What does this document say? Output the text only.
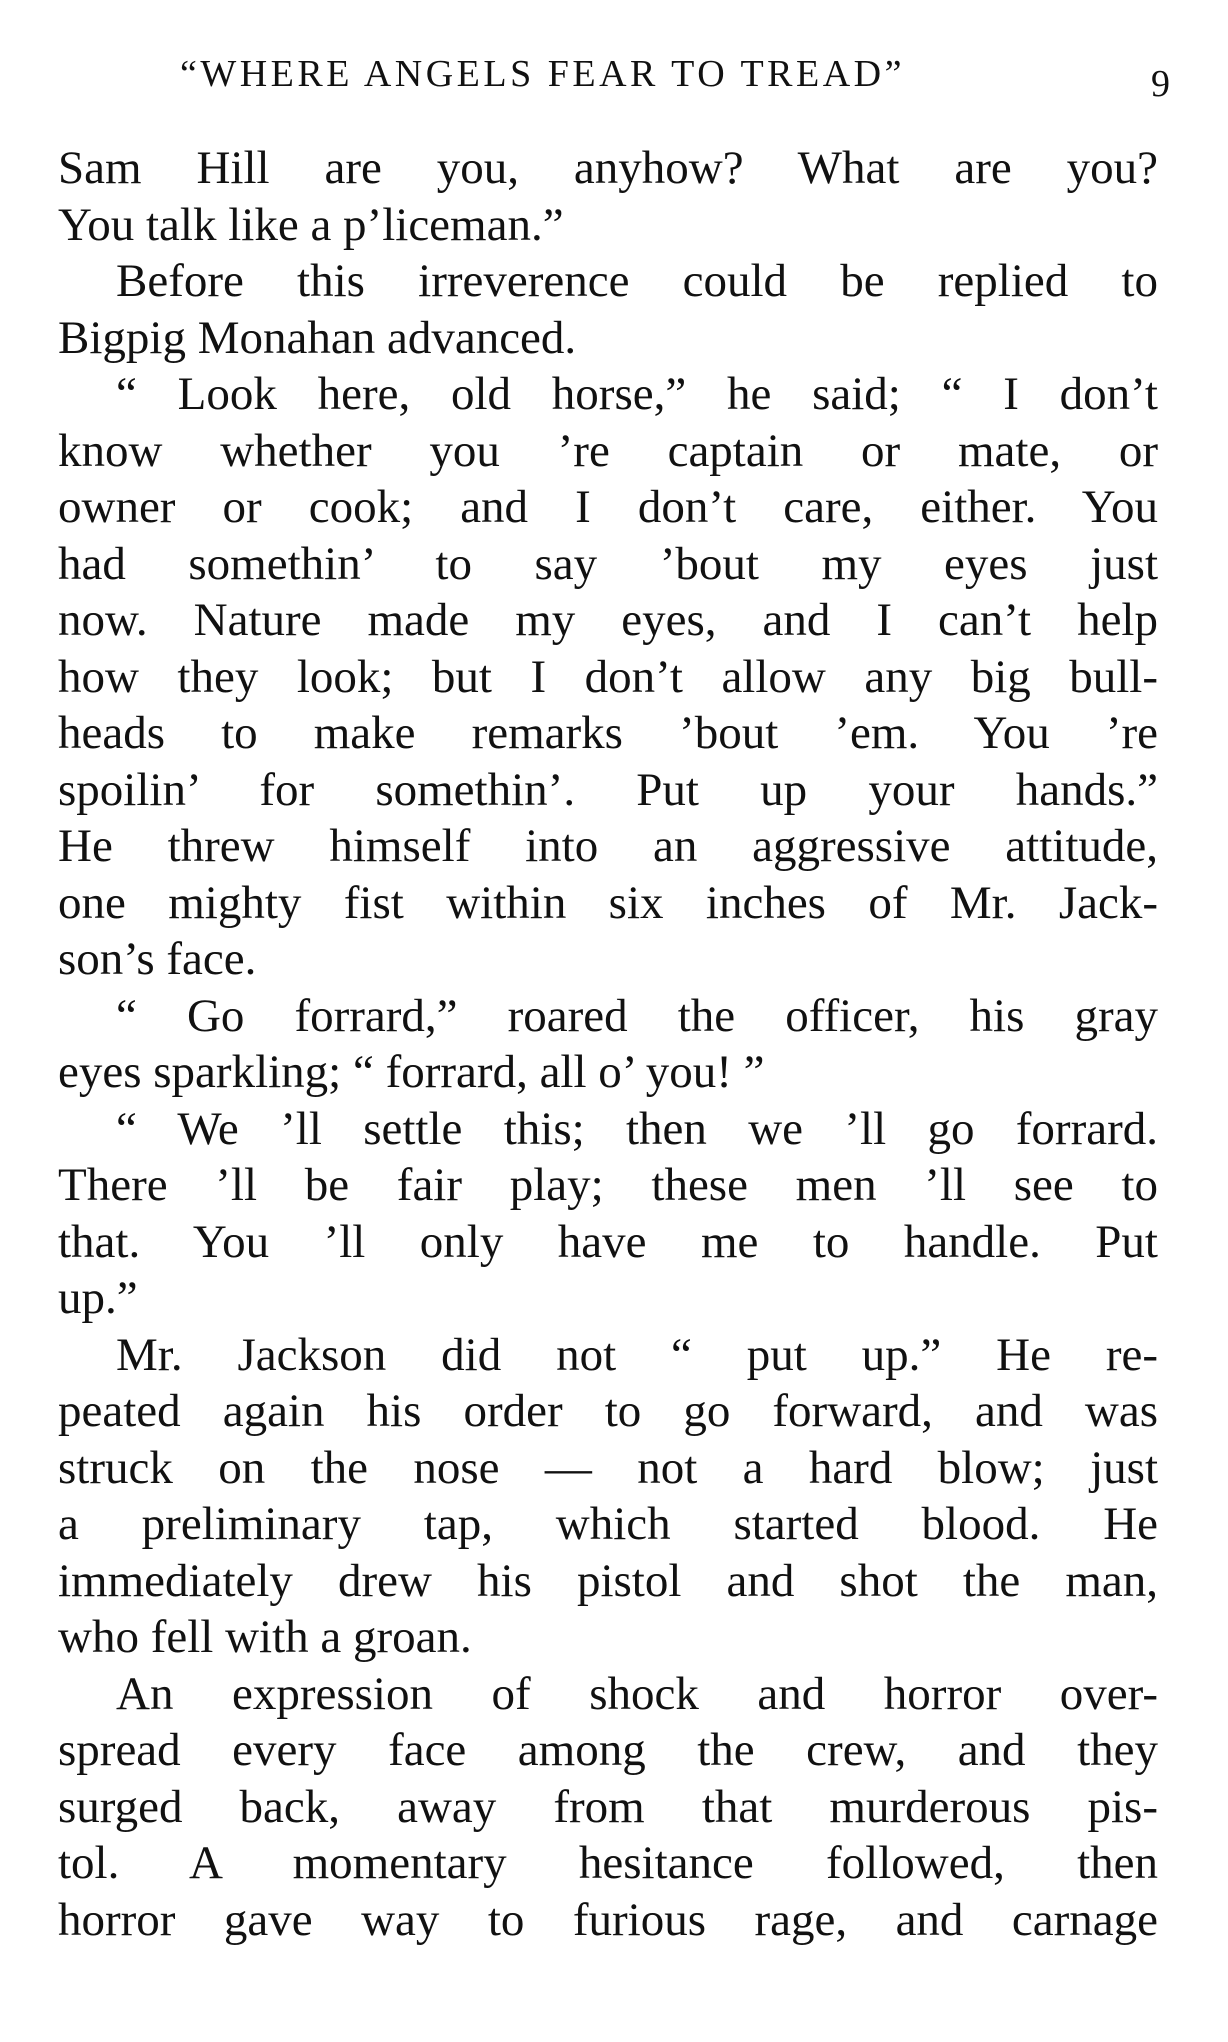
“WHERE ANGELS FEAR TO TREAD”	9
Sam Hill are you, anyhow? What are you?
You talk like a p’liceman.”
Before this irreverence could be replied to
Bigpig Monahan advanced.
“ Look here, old horse,” he said; “ I don’t
know whether you ’re captain or mate, or
owner or cook; and I don’t care, either. You
had somethin’ to say ’bout my eyes just
now. Nature made my eyes, and I can’t help
how they look; but I don’t allow any big bull-
heads to make remarks ’bout ’em. You ’re
spoilin’ for somethin’. Put up your hands.”
He threw himself into an aggressive attitude,
one mighty fist within six inches of Mr. Jack-
son’s face.
“ Go forrard,” roared the officer, his gray
eyes sparkling; “ forrard, all o’ you! ”
“ We ’ll settle this; then we ’ll go forrard.
There ’ll be fair play; these men ’ll see to
that. You ’ll only have me to handle. Put
up.”
Mr. Jackson did not “ put up.” He re-
peated again his order to go forward, and was
struck on the nose — not a hard blow; just
a preliminary tap, which started blood. He
immediately drew his pistol and shot the man,
who fell with a groan.
An expression of shock and horror over-
spread every face among the crew, and they
surged back, away from that murderous pis-
tol. A momentary hesitance followed, then
horror gave way to furious rage, and carnage
